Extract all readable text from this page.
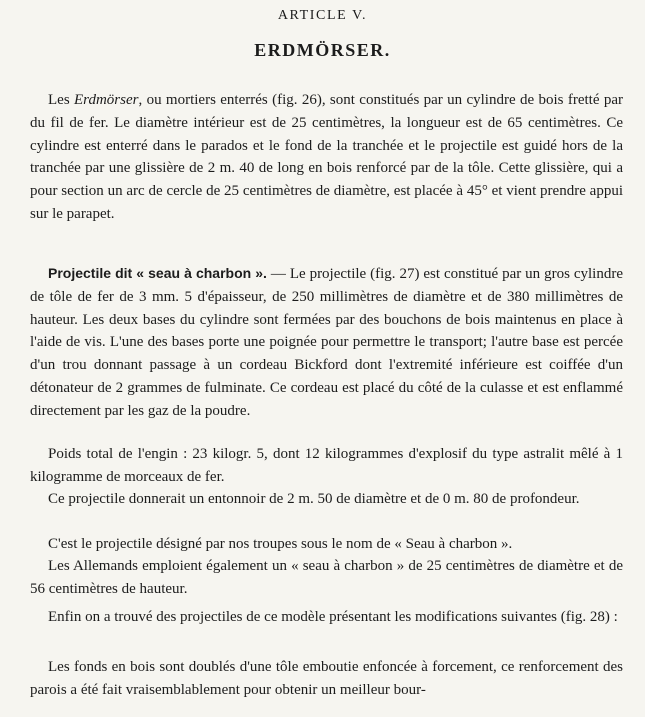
ARTICLE V.
ERDMÖRSER.

Les Erdmörser, ou mortiers enterrés (fig. 26), sont constitués par un cylindre de bois fretté par du fil de fer. Le diamètre intérieur est de 25 centimètres, la longueur est de 65 centimètres. Ce cylindre est enterré dans le parados et le fond de la tranchée et le projectile est guidé hors de la tranchée par une glissière de 2 m. 40 de long en bois renforcé par de la tôle. Cette glissière, qui a pour section un arc de cercle de 25 centimètres de diamètre, est placée à 45° et vient prendre appui sur le parapet.

Projectile dit « seau à charbon ». — Le projectile (fig. 27) est constitué par un gros cylindre de tôle de fer de 3 mm. 5 d'épaisseur, de 250 millimètres de diamètre et de 380 millimètres de hauteur. Les deux bases du cylindre sont fermées par des bouchons de bois maintenus en place à l'aide de vis. L'une des bases porte une poignée pour permettre le transport; l'autre base est percée d'un trou donnant passage à un cordeau Bickford dont l'extremité inférieure est coiffée d'un détonateur de 2 grammes de fulminate. Ce cordeau est placé du côté de la culasse et est enflammé directement par les gaz de la poudre.

Poids total de l'engin : 23 kilogr. 5, dont 12 kilogrammes d'explosif du type astralit mêlé à 1 kilogramme de morceaux de fer.

Ce projectile donnerait un entonnoir de 2 m. 50 de diamètre et de 0 m. 80 de profondeur.

C'est le projectile désigné par nos troupes sous le nom de « Seau à charbon ».

Les Allemands emploient également un « seau à charbon » de 25 centimètres de diamètre et de 56 centimètres de hauteur.

Enfin on a trouvé des projectiles de ce modèle présentant les modifications suivantes (fig. 28) :

Les fonds en bois sont doublés d'une tôle emboutie enfoncée à forcement, ce renforcement des parois a été fait vraisemblablement pour obtenir un meilleur bour-
